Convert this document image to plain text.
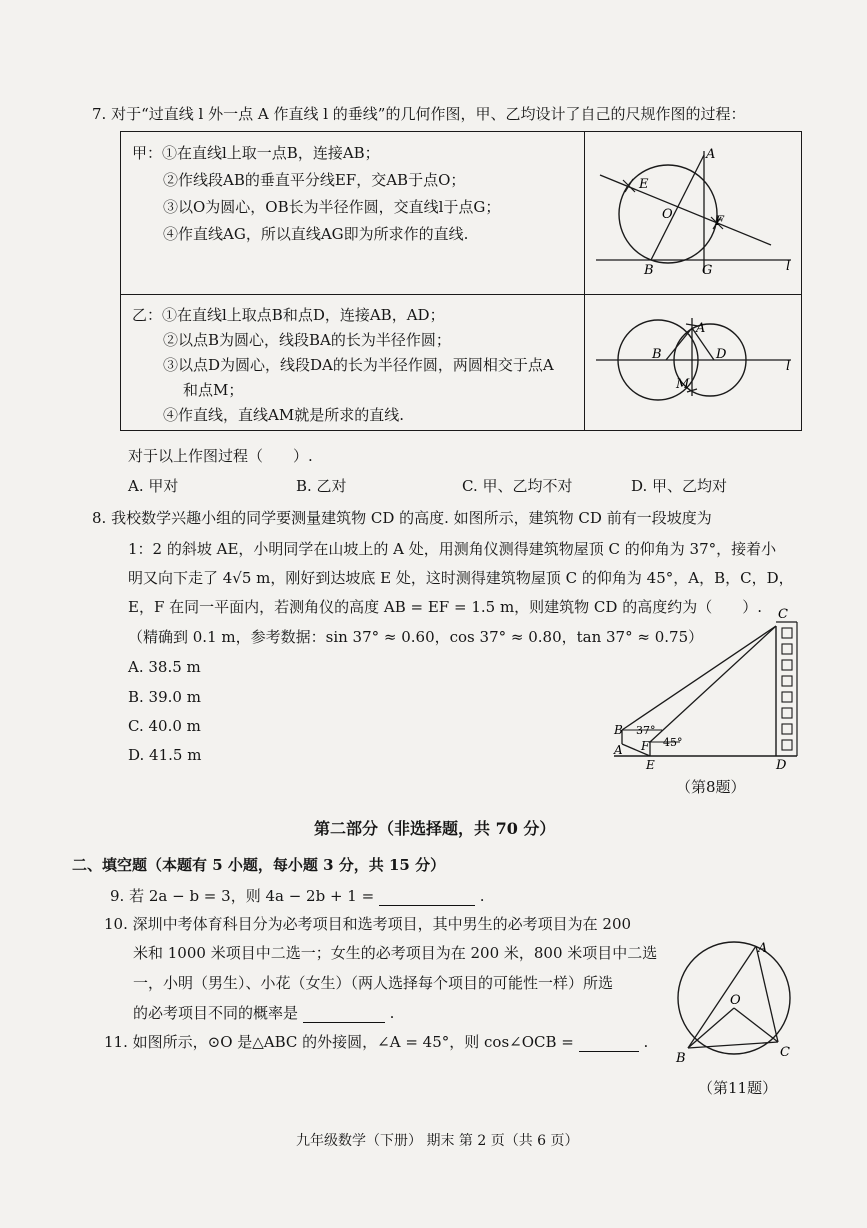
7. 对于“过直线 l 外一点 A 作直线 l 的垂线”的几何作图，甲、乙均设计了自己的尺规作图的过程：
甲：①在直线l上取一点B，连接AB；
②作线段AB的垂直平分线EF，交AB于点O；
③以O为圆心，OB长为半径作圆，交直线l于点G；
④作直线AG，所以直线AG即为所求作的直线.
乙：①在直线l上取点B和点D，连接AB，AD；
②以点B为圆心，线段BA的长为半径作圆；
③以点D为圆心，线段DA的长为半径作圆，两圆相交于点A
和点M；
④作直线，直线AM就是所求的直线.
A
E
O	F
B	G	l
A
B	D
M
l
对于以上作图过程（　　）.
A. 甲对	B. 乙对	C. 甲、乙均不对	D. 甲、乙均对
8. 我校数学兴趣小组的同学要测量建筑物 CD 的高度. 如图所示，建筑物 CD 前有一段坡度为
1：2 的斜坡 AE，小明同学在山坡上的 A 处，用测角仪测得建筑物屋顶 C 的仰角为 37°，接着小
明又向下走了 4√5 m，刚好到达坡底 E 处，这时测得建筑物屋顶 C 的仰角为 45°，A，B，C，D，
E，F 在同一平面内，若测角仪的高度 AB = EF = 1.5 m，则建筑物 CD 的高度约为（　　）.
（精确到 0.1 m，参考数据：sin 37° ≈ 0.60，cos 37° ≈ 0.80，tan 37° ≈ 0.75）
A. 38.5 m
B. 39.0 m
C. 40.0 m
D. 41.5 m
C
B
A F
E	D
37°
45°
（第8题）
第二部分（非选择题，共 70 分）
二、填空题（本题有 5 小题，每小题 3 分，共 15 分）
9. 若 2a − b = 3，则 4a − 2b + 1 =	.
10. 深圳中考体育科目分为必考项目和选考项目，其中男生的必考项目为在 200
米和 1000 米项目中二选一；女生的必考项目为在 200 米，800 米项目中二选
一，小明（男生）、小花（女生）（两人选择每个项目的可能性一样）所选
的必考项目不同的概率是	.
11. 如图所示，⊙O 是△ABC 的外接圆，∠A = 45°，则 cos∠OCB =	.
A
O
B	C
（第11题）
九年级数学（下册） 期末 第 2 页（共 6 页）
